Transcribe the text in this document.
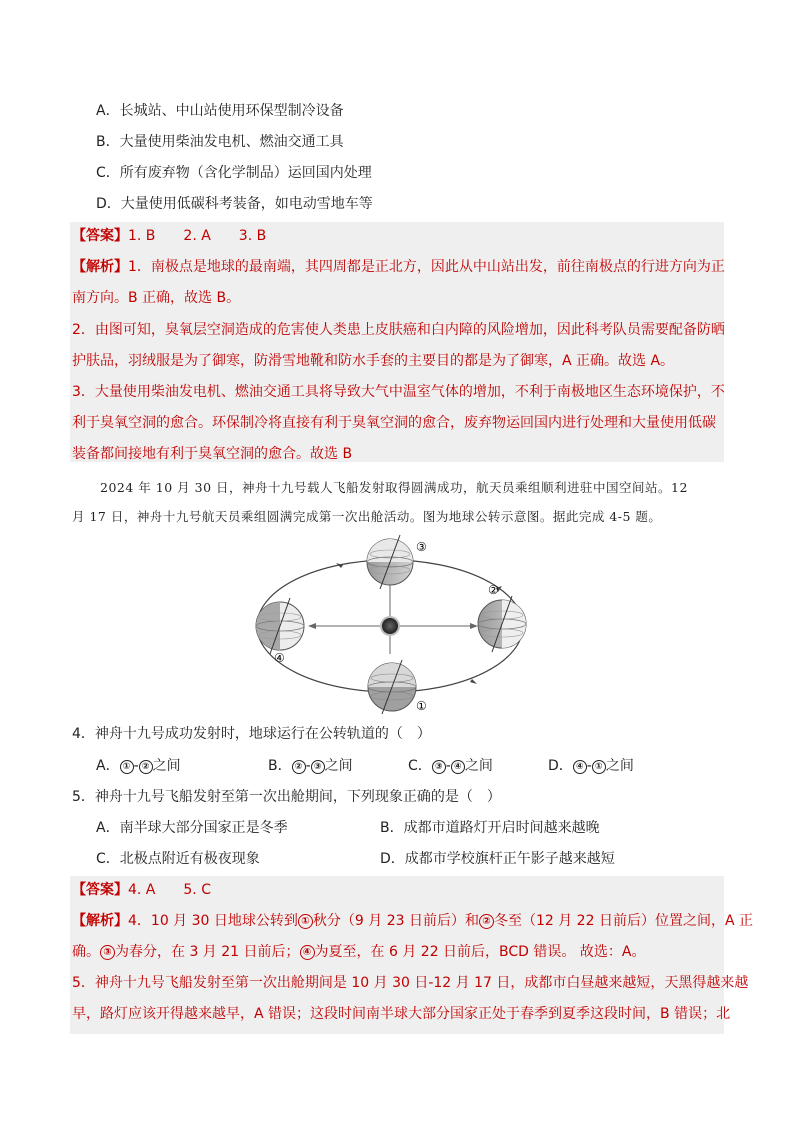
A．长城站、中山站使用环保型制冷设备
B．大量使用柴油发电机、燃油交通工具
C．所有废弃物（含化学制品）运回国内处理
D．大量使用低碳科考装备，如电动雪地车等
【答案】1. B　　2. A　　3. B
【解析】1．南极点是地球的最南端，其四周都是正北方，因此从中山站出发，前往南极点的行进方向为正
南方向。B 正确，故选 B。
2．由图可知，臭氧层空洞造成的危害使人类患上皮肤癌和白内障的风险增加，因此科考队员需要配备防晒
护肤品，羽绒服是为了御寒，防滑雪地靴和防水手套的主要目的都是为了御寒，A 正确。故选 A。
3．大量使用柴油发电机、燃油交通工具将导致大气中温室气体的增加，不利于南极地区生态环境保护，不
利于臭氧空洞的愈合。环保制冷将直接有利于臭氧空洞的愈合，废弃物运回国内进行处理和大量使用低碳
装备都间接地有利于臭氧空洞的愈合。故选 B
2024 年 10 月 30 日，神舟十九号载人飞船发射取得圆满成功，航天员乘组顺利进驻中国空间站。12
月 17 日，神舟十九号航天员乘组圆满完成第一次出舱活动。图为地球公转示意图。据此完成 4-5 题。
③
②
④
①
4．神舟十九号成功发射时，地球运行在公转轨道的（　）
A． ① - ② 之间	B． ② - ③ 之间	C． ③ - ④ 之间	D． ④ - ① 之间
5．神舟十九号飞船发射至第一次出舱期间，下列现象正确的是（　）
A．南半球大部分国家正是冬季	B．成都市道路灯开启时间越来越晚
C．北极点附近有极夜现象	D．成都市学校旗杆正午影子越来越短
【答案】4. A　　5. C
【解析】4．10 月 30 日地球公转到 ① 秋分（9 月 23 日前后）和 ② 冬至（12 月 22 日前后）位置之间，A 正
确。 ③ 为春分，在 3 月 21 日前后； ④ 为夏至，在 6 月 22 日前后，BCD 错误。 故选：A。
5．神舟十九号飞船发射至第一次出舱期间是 10 月 30 日-12 月 17 日，成都市白昼越来越短，天黑得越来越
早，路灯应该开得越来越早，A 错误；这段时间南半球大部分国家正处于春季到夏季这段时间，B 错误；北
